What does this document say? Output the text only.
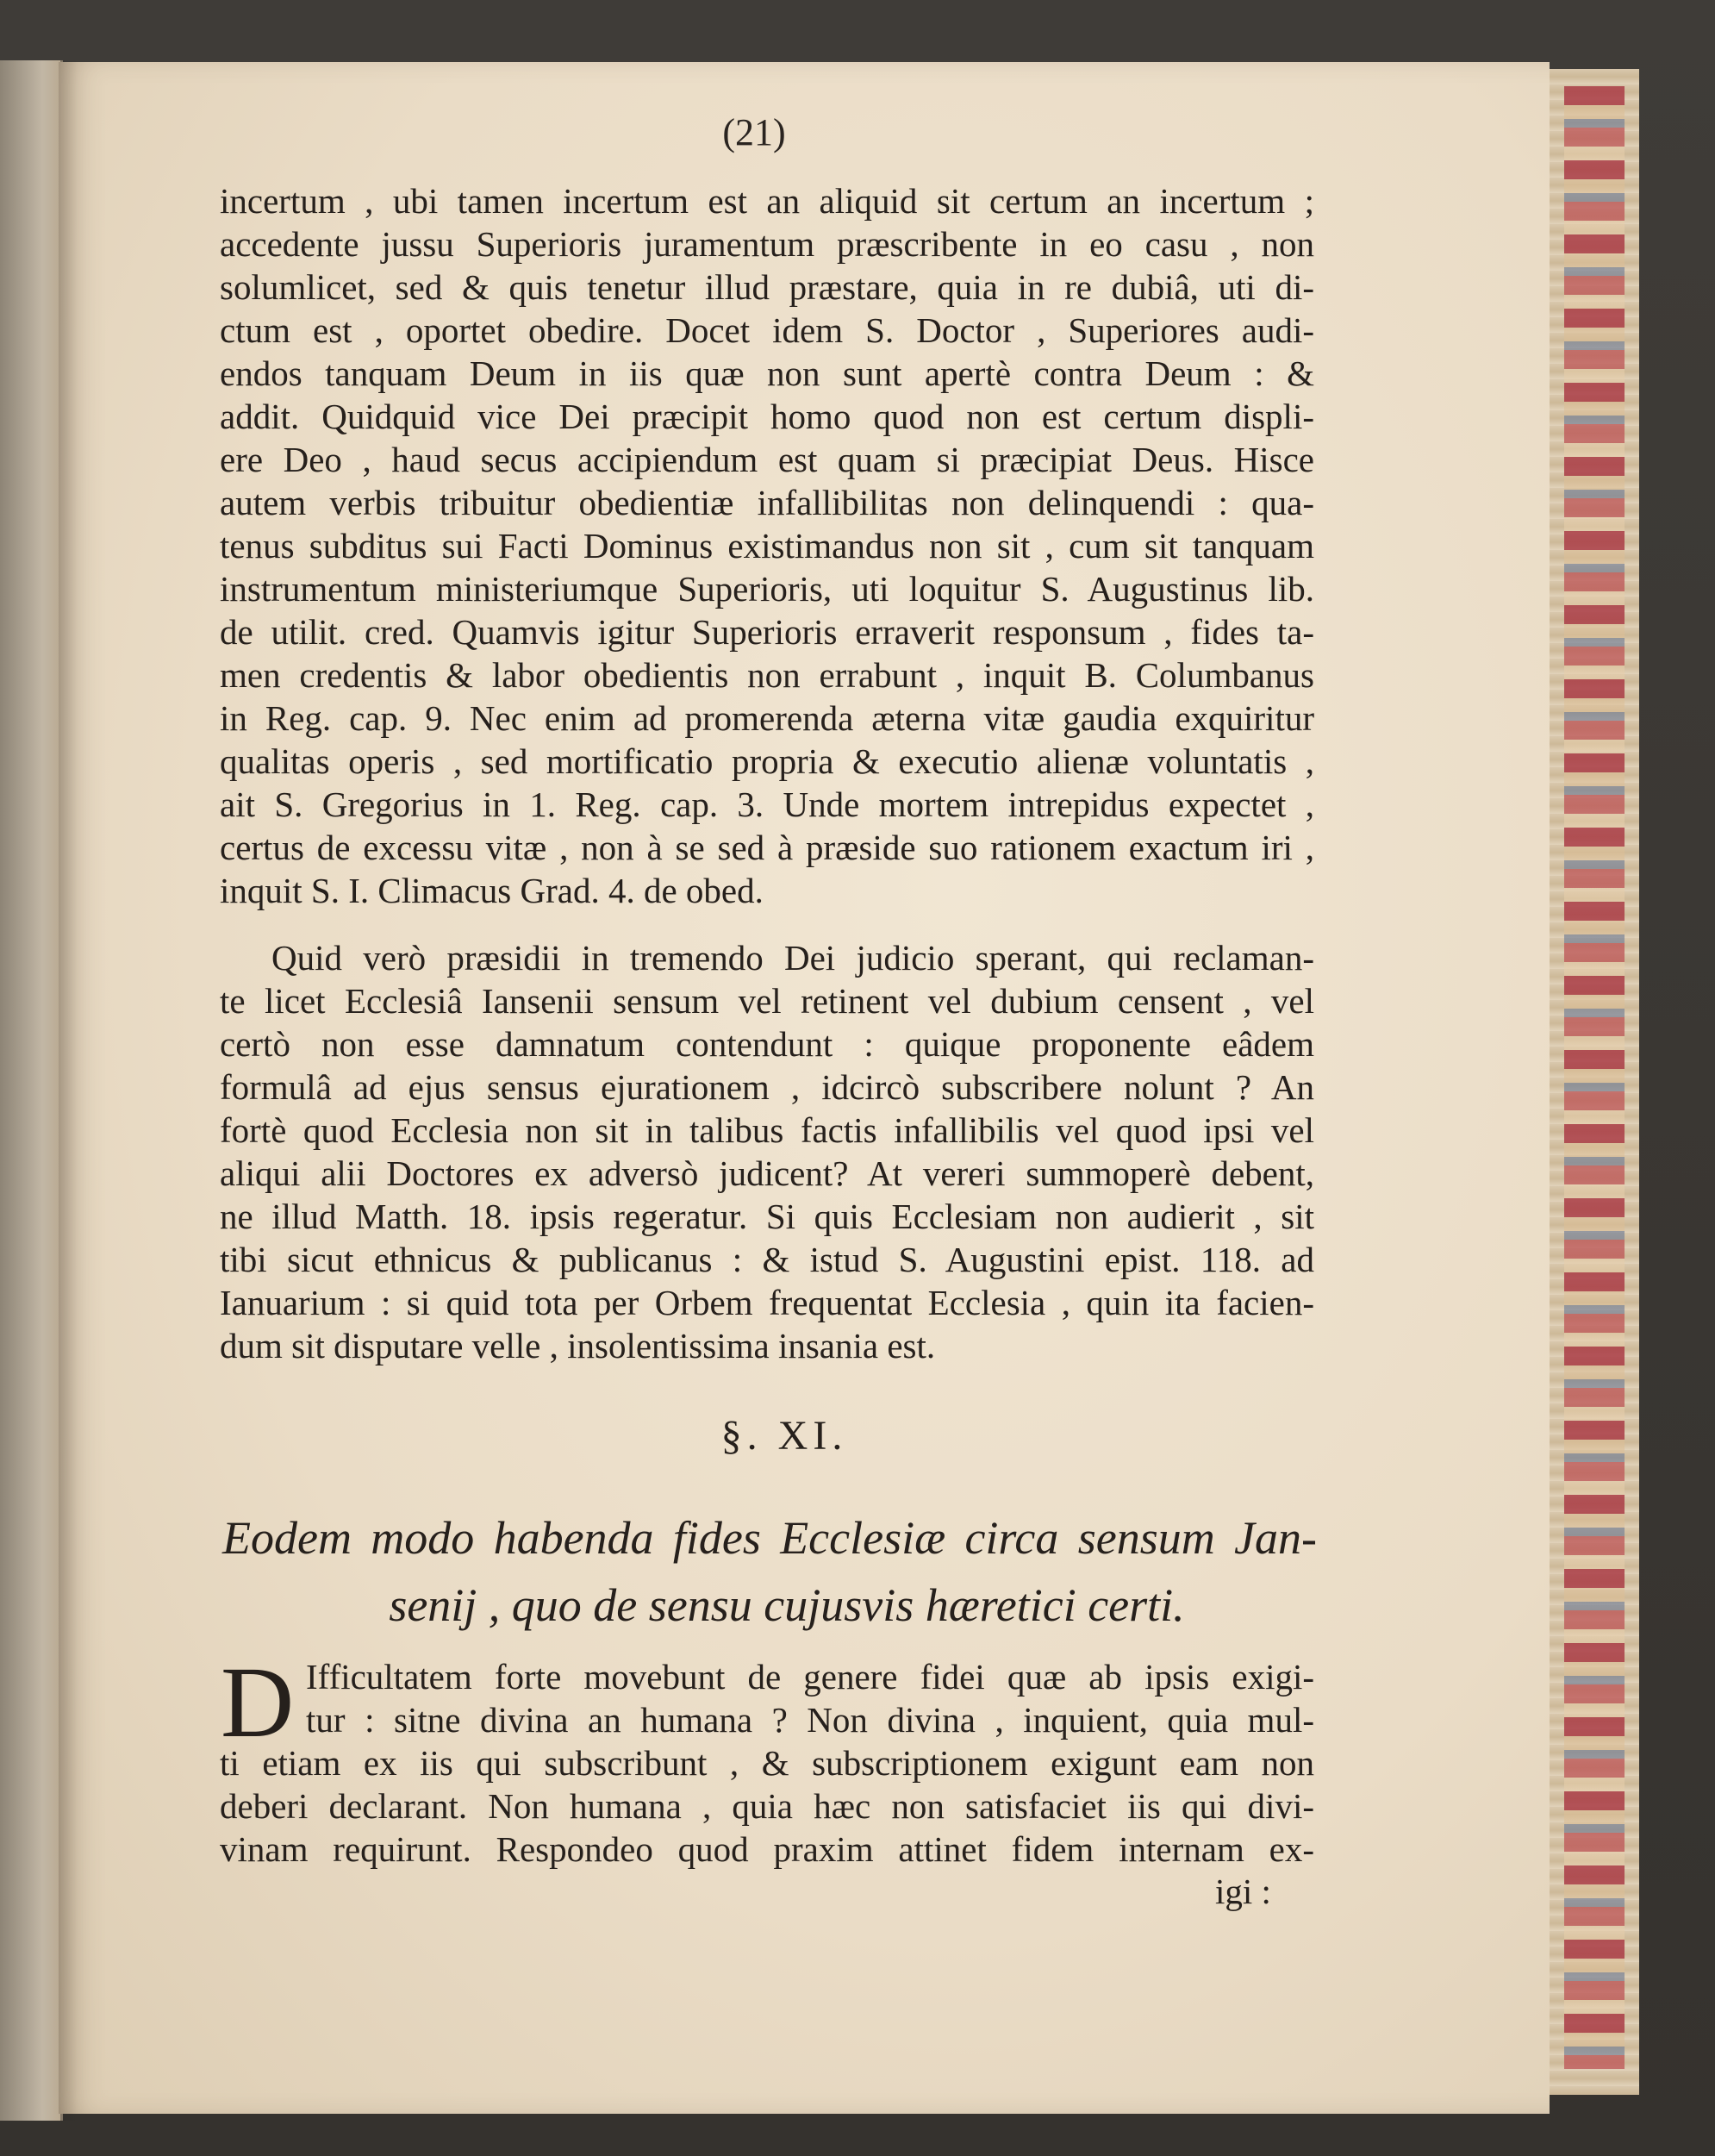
(21)
incertum , ubi tamen incertum est an aliquid sit certum an incertum ;
accedente jussu Superioris juramentum præscribente in eo casu , non
solumlicet, sed & quis tenetur illud præstare, quia in re dubiâ, uti di-
ctum est , oportet obedire. Docet idem S. Doctor , Superiores audi-
endos tanquam Deum in iis quæ non sunt apertè contra Deum : &
addit. Quidquid vice Dei præcipit homo quod non est certum displi-
ere Deo , haud secus accipiendum est quam si præcipiat Deus. Hisce
autem verbis tribuitur obedientiæ infallibilitas non delinquendi : qua-
tenus subditus sui Facti Dominus existimandus non sit , cum sit tanquam
instrumentum ministeriumque Superioris, uti loquitur S. Augustinus lib.
de utilit. cred. Quamvis igitur Superioris erraverit responsum , fides ta-
men credentis & labor obedientis non errabunt , inquit B. Columbanus
in Reg. cap. 9. Nec enim ad promerenda æterna vitæ gaudia exquiritur
qualitas operis , sed mortificatio propria & executio alienæ voluntatis ,
ait S. Gregorius in 1. Reg. cap. 3. Unde mortem intrepidus expectet ,
certus de excessu vitæ , non à se sed à præside suo rationem exactum iri ,
inquit S. I. Climacus Grad. 4. de obed.
Quid verò præsidii in tremendo Dei judicio sperant, qui reclaman-
te licet Ecclesiâ Iansenii sensum vel retinent vel dubium censent , vel
certò non esse damnatum contendunt : quique proponente eâdem
formulâ ad ejus sensus ejurationem , idcircò subscribere nolunt ? An
fortè quod Ecclesia non sit in talibus factis infallibilis vel quod ipsi vel
aliqui alii Doctores ex adversò judicent? At vereri summoperè debent,
ne illud Matth. 18. ipsis regeratur. Si quis Ecclesiam non audierit , sit
tibi sicut ethnicus & publicanus : & istud S. Augustini epist. 118. ad
Ianuarium : si quid tota per Orbem frequentat Ecclesia , quin ita facien-
dum sit disputare velle , insolentissima insania est.
§. XI.
Eodem modo habenda fides Ecclesiæ circa sensum Jan-
senij , quo de sensu cujusvis hæretici certi.
D Ifficultatem forte movebunt de genere fidei quæ ab ipsis exigi-
tur : sitne divina an humana ? Non divina , inquient, quia mul-
ti etiam ex iis qui subscribunt , & subscriptionem exigunt eam non
deberi declarant. Non humana , quia hæc non satisfaciet iis qui divi-
vinam requirunt. Respondeo quod praxim attinet fidem internam ex-
igi :
